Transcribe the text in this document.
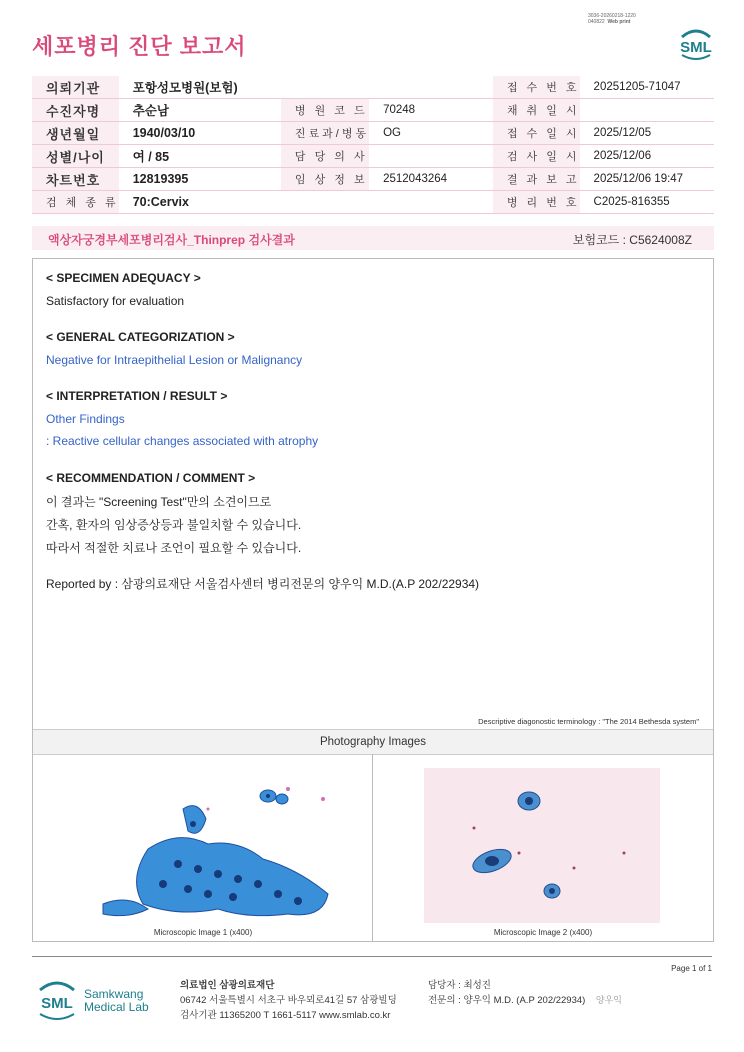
세포병리 진단 보고서
3036-20260218-1220
040822 Web print
SML
의뢰기관	포항성모병원(보험)			접 수 번 호	20251205-71047
수진자명	추순남	병 원 코 드	70248	채 취 일 시	
생년월일	1940/03/10	진료과/병동	OG	접 수 일 시	2025/12/05
성별/나이	여 / 85	담 당 의 사		검 사 일 시	2025/12/06
차트번호	12819395	임 상 정 보	2512043264	결 과 보 고	2025/12/06 19:47
검 체 종 류	70:Cervix			병 리 번 호	C2025-816355
액상자궁경부세포병리검사_Thinprep 검사결과	보험코드 : C5624008Z
< SPECIMEN ADEQUACY >
Satisfactory for evaluation
< GENERAL CATEGORIZATION >
Negative for Intraepithelial Lesion or Malignancy
< INTERPRETATION / RESULT >
Other Findings
: Reactive cellular changes associated with atrophy
< RECOMMENDATION / COMMENT >
이 결과는 "Screening Test"만의 소견이므로
간혹, 환자의 임상증상등과 불일치할 수 있습니다.
따라서 적절한 치료나 조언이 필요할 수 있습니다.
Reported by : 삼광의료재단 서울검사센터 병리전문의 양우익 M.D.(A.P 202/22934)
Descriptive diagonostic terminology : "The 2014 Bethesda system"
Photography Images
Microscopic Image 1 (x400)	Microscopic Image 2 (x400)
Page 1 of 1
SML
Samkwang
Medical Lab
의료법인 삼광의료재단
06742 서울특별시 서초구 바우뫼로41길 57 삼광빌딩
검사기관 11365200 T 1661-5117 www.smlab.co.kr
담당자 : 최성진
전문의 : 양우익 M.D. (A.P 202/22934) 양우익
